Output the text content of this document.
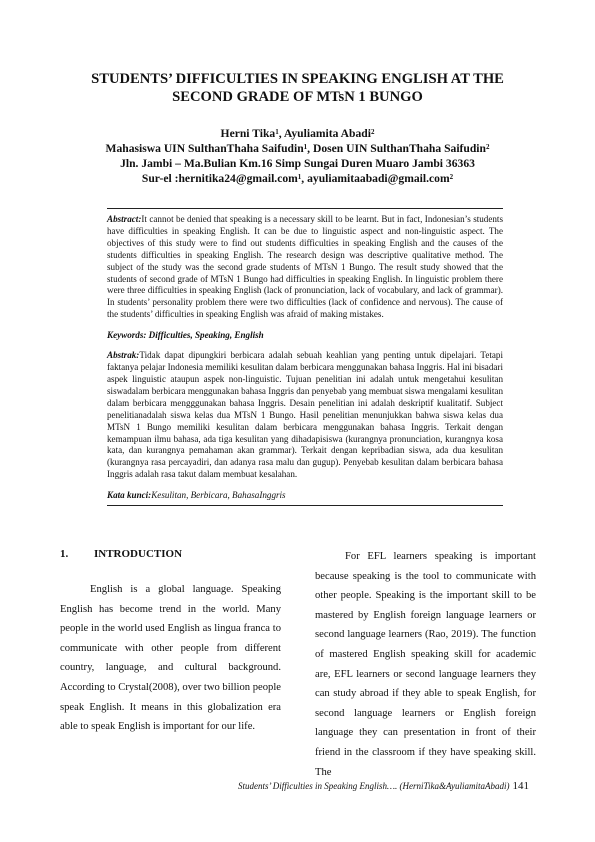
STUDENTS’ DIFFICULTIES IN SPEAKING ENGLISH AT THE
SECOND GRADE OF MTsN 1 BUNGO
Herni Tika$^1$, Ayuliamita Abadi$^2$
Mahasiswa UIN SulthanThaha Saifudin$^1$, Dosen UIN SulthanThaha Saifudin$^2$
Jln. Jambi – Ma.Bulian Km.16 Simp Sungai Duren Muaro Jambi 36363
Sur-el :hernitika24@gmail.com$^1$, ayuliamitaabadi@gmail.com$^2$

Abstract:It cannot be denied that speaking is a necessary skill to be learnt. But in fact, Indonesian’s students have difficulties in speaking English. It can be due to linguistic aspect and non-linguistic aspect. The objectives of this study were to find out students difficulties in speaking English and the causes of the students difficulties in speaking English. The research design was descriptive qualitative method. The subject of the study was the second grade students of MTsN 1 Bungo. The result study showed that the students of second grade of MTsN 1 Bungo had difficulties in speaking English. In linguistic problem there were three difficulties in speaking English (lack of pronunciation, lack of vocabulary, and lack of grammar). In students’ personality problem there were two difficulties (lack of confidence and nervous). The cause of the students’ difficulties in speaking English was afraid of making mistakes.

Keywords: Difficulties, Speaking, English

Abstrak:Tidak dapat dipungkiri berbicara adalah sebuah keahlian yang penting untuk dipelajari. Tetapi faktanya pelajar Indonesia memiliki kesulitan dalam berbicara menggunakan bahasa Inggris. Hal ini bisadari aspek linguistic ataupun aspek non-linguistic. Tujuan penelitian ini adalah untuk mengetahui kesulitan siswadalam berbicara menggunakan bahasa Inggris dan penyebab yang membuat siswa mengalami kesulitan dalam berbicara mengggunakan bahasa Inggris. Desain penelitian ini adalah deskriptif kualitatif. Subject penelitianadalah siswa kelas dua MTsN 1 Bungo. Hasil penelitian menunjukkan bahwa siswa kelas dua MTsN 1 Bungo memiliki kesulitan dalam berbicara menggunakan bahasa Inggris. Terkait dengan kemampuan ilmu bahasa, ada tiga kesulitan yang dihadapisiswa (kurangnya pronunciation, kurangnya kosa kata, dan kurangnya pemahaman akan grammar). Terkait dengan kepribadian siswa, ada dua kesulitan (kurangnya rasa percayadiri, dan adanya rasa malu dan gugup). Penyebab kesulitan dalam berbicara bahasa Inggris adalah rasa takut dalam membuat kesalahan.

Kata kunci:Kesulitan, Berbicara, BahasaInggris

1. INTRODUCTION

English is a global language. Speaking English has become trend in the world. Many people in the world used English as lingua franca to communicate with other people from different country, language, and cultural background. According to Crystal(2008), over two billion people speak English. It means in this globalization era able to speak English is important for our life.

For EFL learners speaking is important because speaking is the tool to communicate with other people. Speaking is the important skill to be mastered by English foreign language learners or second language learners (Rao, 2019). The function of mastered English speaking skill for academic are, EFL learners or second language learners they can study abroad if they able to speak English, for second language learners or English foreign language they can presentation in front of their friend in the classroom if they have speaking skill. The

Students’ Difficulties in Speaking English…. (HerniTika&AyuliamitaAbadi) 141
